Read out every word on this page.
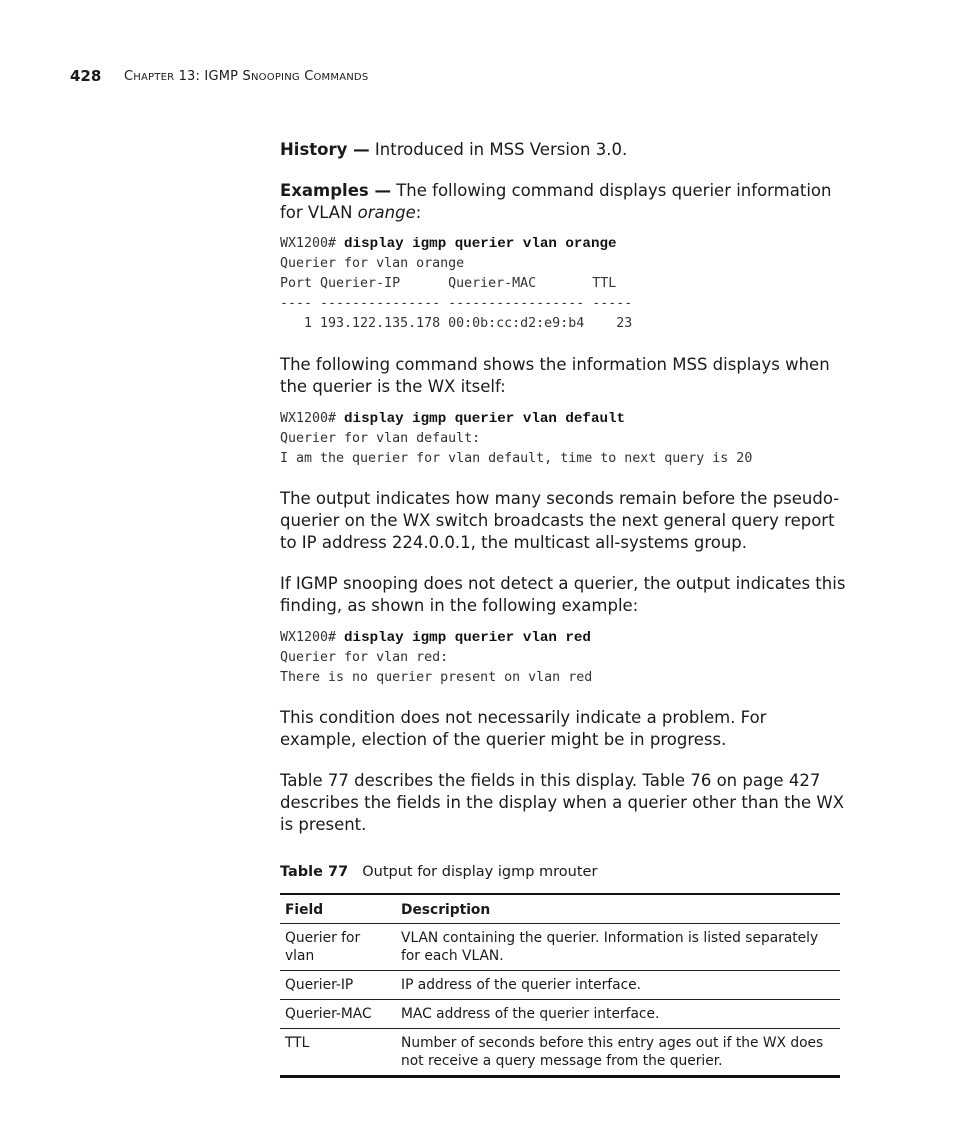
428 CHAPTER 13: IGMP SNOOPING COMMANDS
History — Introduced in MSS Version 3.0.
Examples — The following command displays querier information for VLAN orange:
WX1200# display igmp querier vlan orange
Querier for vlan orange
Port Querier-IP      Querier-MAC       TTL
---- --------------- ----------------- -----
1 193.122.135.178 00:0b:cc:d2:e9:b4    23
The following command shows the information MSS displays when the querier is the WX itself:
WX1200# display igmp querier vlan default
Querier for vlan default:
I am the querier for vlan default, time to next query is 20
The output indicates how many seconds remain before the pseudo-querier on the WX switch broadcasts the next general query report to IP address 224.0.0.1, the multicast all-systems group.
If IGMP snooping does not detect a querier, the output indicates this finding, as shown in the following example:
WX1200# display igmp querier vlan red
Querier for vlan red:
There is no querier present on vlan red
This condition does not necessarily indicate a problem. For example, election of the querier might be in progress.
Table 77 describes the fields in this display. Table 76 on page 427 describes the fields in the display when a querier other than the WX is present.
Table 77 Output for display igmp mrouter
Field	Description
Querier for vlan	VLAN containing the querier. Information is listed separately for each VLAN.
Querier-IP	IP address of the querier interface.
Querier-MAC	MAC address of the querier interface.
TTL	Number of seconds before this entry ages out if the WX does not receive a query message from the querier.
